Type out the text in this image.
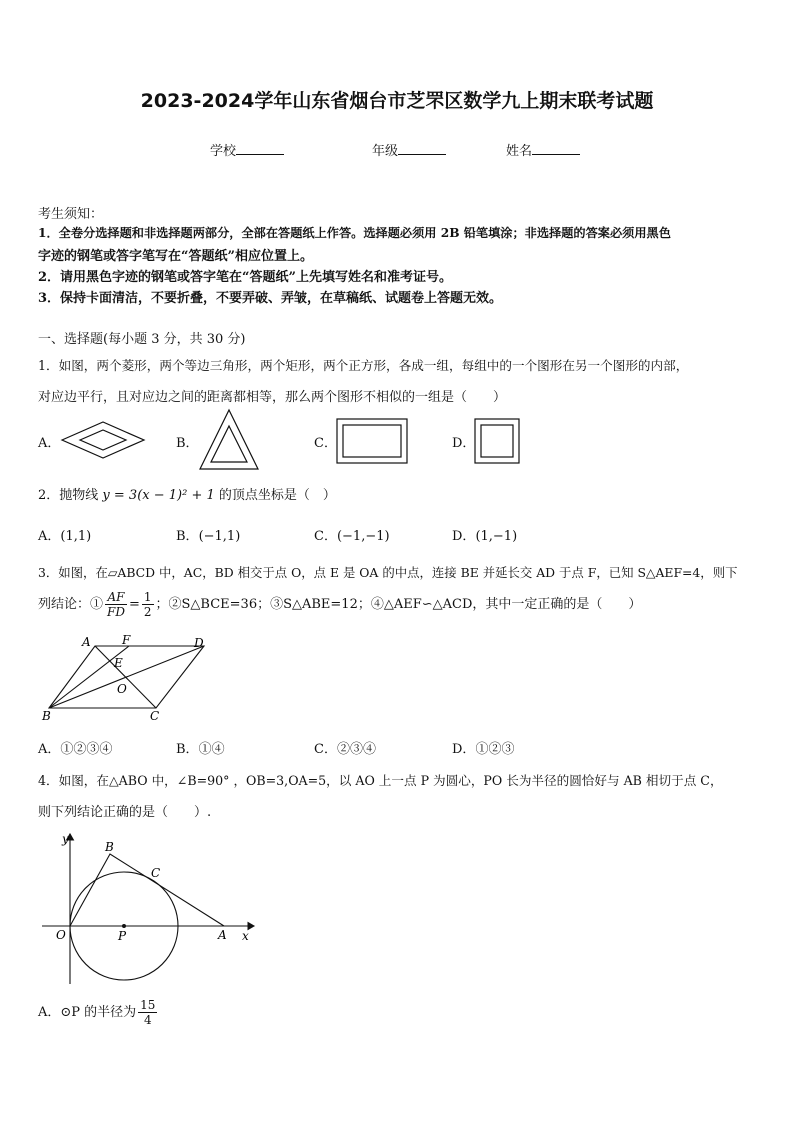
2023-2024学年山东省烟台市芝罘区数学九上期末联考试题
学校	年级	姓名
考生须知：
1．全卷分选择题和非选择题两部分，全部在答题纸上作答。选择题必须用 2B 铅笔填涂；非选择题的答案必须用黑色
字迹的钢笔或答字笔写在“答题纸”相应位置上。
2．请用黑色字迹的钢笔或答字笔在“答题纸”上先填写姓名和准考证号。
3．保持卡面清洁，不要折叠，不要弄破、弄皱，在草稿纸、试题卷上答题无效。
一、选择题(每小题 3 分，共 30 分)
1．如图，两个菱形，两个等边三角形，两个矩形，两个正方形，各成一组，每组中的一个图形在另一个图形的内部，
对应边平行，且对应边之间的距离都相等，那么两个图形不相似的一组是（　　）
A．	B．	C．	D．
2．抛物线 y = 3(x − 1)² + 1 的顶点坐标是（　）
A．(1,1)	B．(−1,1)	C．(−1,−1)	D．(1,−1)
3．如图，在▱ABCD 中，AC，BD 相交于点 O，点 E 是 OA 的中点，连接 BE 并延长交 AD 于点 F，已知 S△AEF=4，则下
列结论：① $\frac{AF}{FD} = \frac{1}{2}$ ；②S△BCE=36；③S△ABE=12；④△AEF∽△ACD，其中一定正确的是（　　）
A	F	D
E
O
B	C
A．①②③④	B．①④	C．②③④	D．①②③
4．如图，在△ABO 中，∠B=90° ，OB=3,OA=5，以 AO 上一点 P 为圆心，PO 长为半径的圆恰好与 AB 相切于点 C，
则下列结论正确的是（　　）.
y
B
C
O	P	A x
A．⊙P 的半径为 $\frac{15}{4}$
